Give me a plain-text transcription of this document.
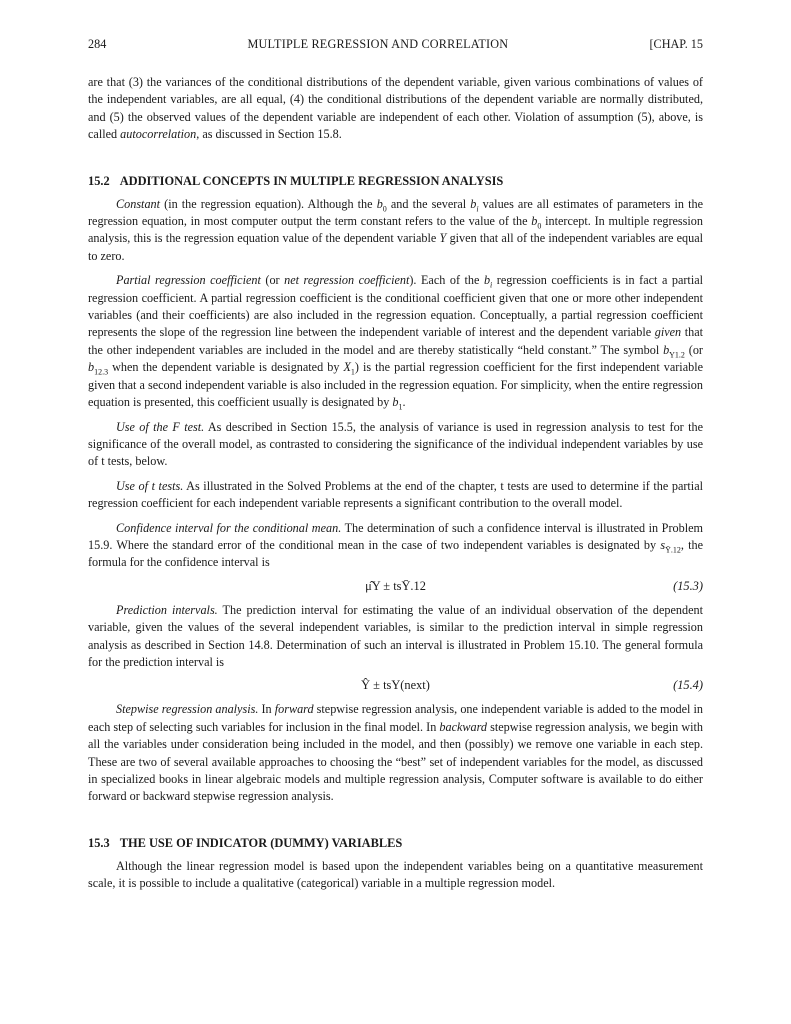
284	MULTIPLE REGRESSION AND CORRELATION	[CHAP. 15

are that (3) the variances of the conditional distributions of the dependent variable, given various combinations of values of the independent variables, are all equal, (4) the conditional distributions of the dependent variable are normally distributed, and (5) the observed values of the dependent variable are independent of each other. Violation of assumption (5), above, is called autocorrelation, as discussed in Section 15.8.

15.2 ADDITIONAL CONCEPTS IN MULTIPLE REGRESSION ANALYSIS

Constant (in the regression equation). Although the $b_0$ and the several $b_i$ values are all estimates of parameters in the regression equation, in most computer output the term constant refers to the value of the $b_0$ intercept. In multiple regression analysis, this is the regression equation value of the dependent variable Y given that all of the independent variables are equal to zero.

Partial regression coefficient (or net regression coefficient). Each of the $b_i$ regression coefficients is in fact a partial regression coefficient. A partial regression coefficient is the conditional coefficient given that one or more other independent variables (and their coefficients) are also included in the regression equation. Conceptually, a partial regression coefficient represents the slope of the regression line between the independent variable of interest and the dependent variable given that the other independent variables are included in the model and are thereby statistically “held constant.” The symbol $b_{Y1.2}$ (or $b_{12.3}$ when the dependent variable is designated by $X_1$) is the partial regression coefficient for the first independent variable given that a second independent variable is also included in the regression equation. For simplicity, when the entire regression equation is presented, this coefficient usually is designated by $b_1$.

Use of the F test. As described in Section 15.5, the analysis of variance is used in regression analysis to test for the significance of the overall model, as contrasted to considering the significance of the individual independent variables by use of t tests, below.

Use of t tests. As illustrated in the Solved Problems at the end of the chapter, t tests are used to determine if the partial regression coefficient for each independent variable represents a significant contribution to the overall model.

Confidence interval for the conditional mean. The determination of such a confidence interval is illustrated in Problem 15.9. Where the standard error of the conditional mean in the case of two independent variables is designated by $s_{Ȳ.12}$, the formula for the confidence interval is

μ̂Y ± tsȲ.12	(15.3)

Prediction intervals. The prediction interval for estimating the value of an individual observation of the dependent variable, given the values of the several independent variables, is similar to the prediction interval in simple regression analysis as described in Section 14.8. Determination of such an interval is illustrated in Problem 15.10. The general formula for the prediction interval is

Ŷ ± tsY(next)	(15.4)

Stepwise regression analysis. In forward stepwise regression analysis, one independent variable is added to the model in each step of selecting such variables for inclusion in the final model. In backward stepwise regression analysis, we begin with all the variables under consideration being included in the model, and then (possibly) we remove one variable in each step. These are two of several available approaches to choosing the “best” set of independent variables for the model, as discussed in specialized books in linear algebraic models and multiple regression analysis, Computer software is available to do either forward or backward stepwise regression analysis.

15.3 THE USE OF INDICATOR (DUMMY) VARIABLES

Although the linear regression model is based upon the independent variables being on a quantitative measurement scale, it is possible to include a qualitative (categorical) variable in a multiple regression model.
